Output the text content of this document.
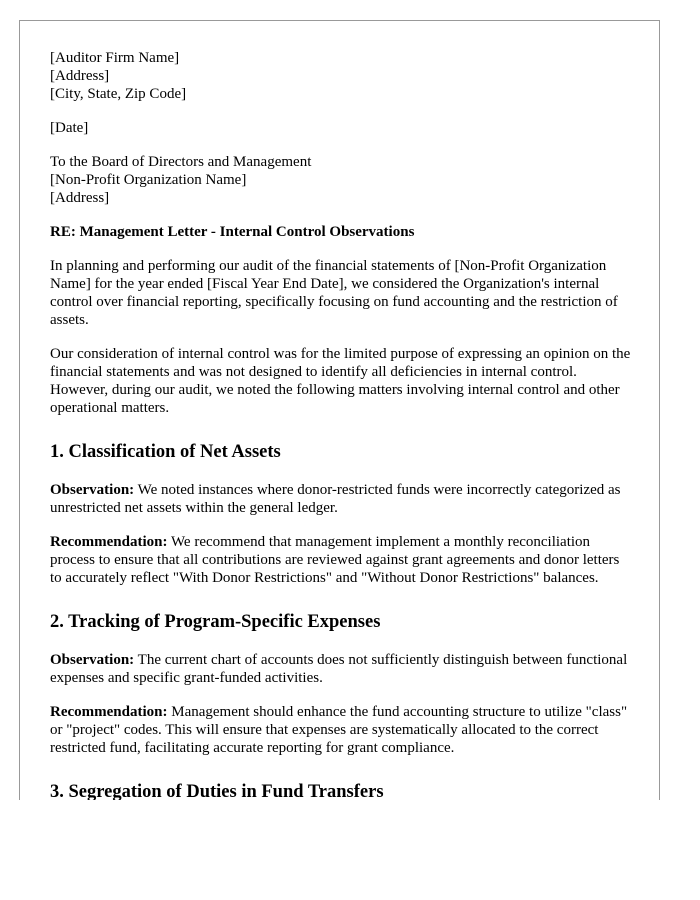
[Auditor Firm Name]
[Address]
[City, State, Zip Code]
[Date]
To the Board of Directors and Management
[Non-Profit Organization Name]
[Address]
RE: Management Letter - Internal Control Observations

In planning and performing our audit of the financial statements of [Non-Profit Organization Name] for the year ended [Fiscal Year End Date], we considered the Organization's internal control over financial reporting, specifically focusing on fund accounting and the restriction of assets.

Our consideration of internal control was for the limited purpose of expressing an opinion on the financial statements and was not designed to identify all deficiencies in internal control. However, during our audit, we noted the following matters involving internal control and other operational matters.

1. Classification of Net Assets

Observation: We noted instances where donor-restricted funds were incorrectly categorized as unrestricted net assets within the general ledger.

Recommendation: We recommend that management implement a monthly reconciliation process to ensure that all contributions are reviewed against grant agreements and donor letters to accurately reflect "With Donor Restrictions" and "Without Donor Restrictions" balances.

2. Tracking of Program-Specific Expenses

Observation: The current chart of accounts does not sufficiently distinguish between functional expenses and specific grant-funded activities.

Recommendation: Management should enhance the fund accounting structure to utilize "class" or "project" codes. This will ensure that expenses are systematically allocated to the correct restricted fund, facilitating accurate reporting for grant compliance.

3. Segregation of Duties in Fund Transfers
